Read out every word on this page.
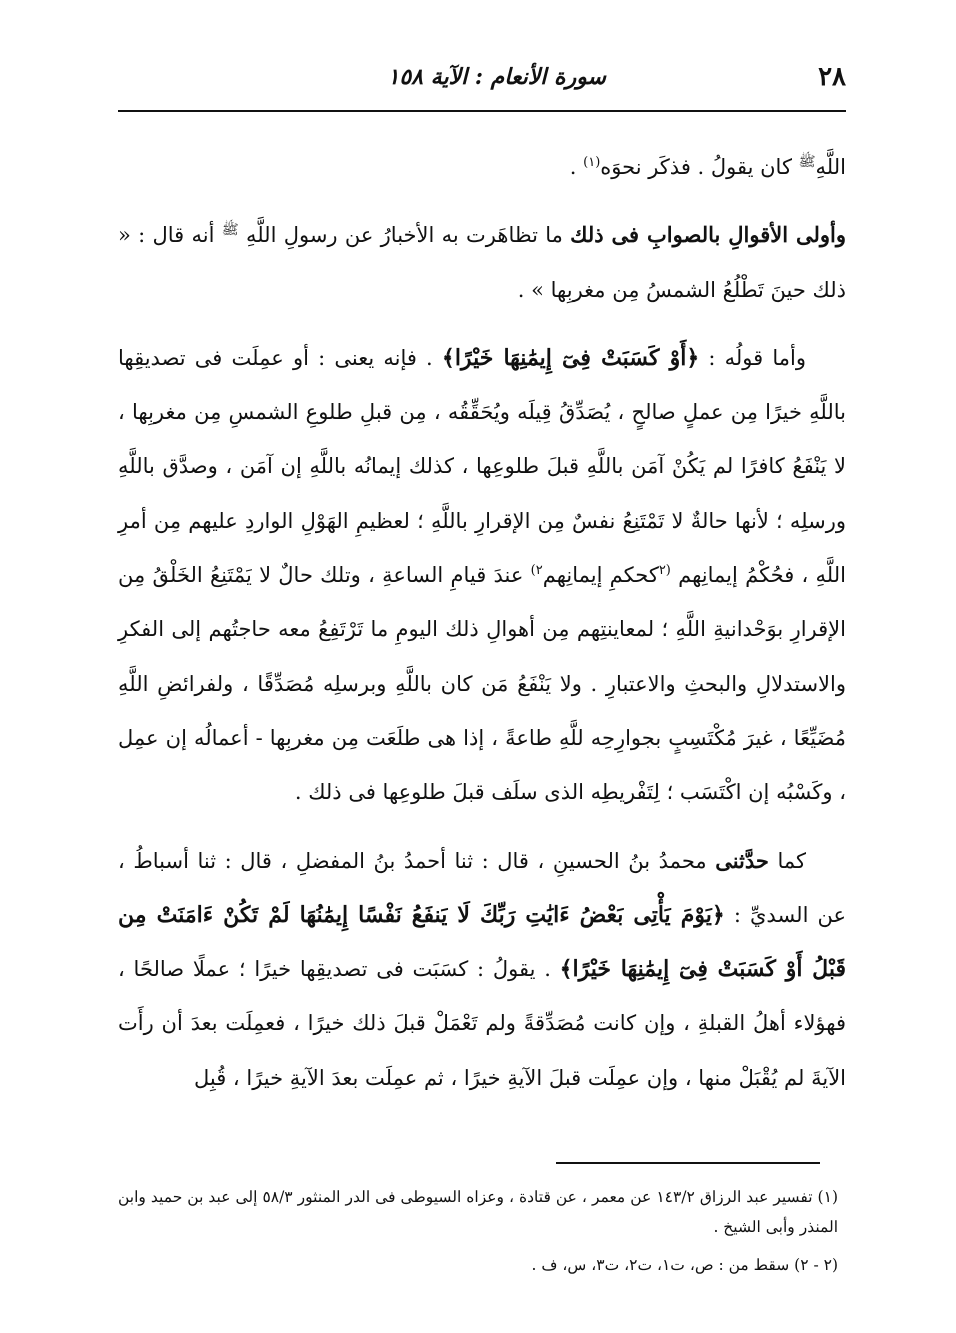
٢٨
سورة الأنعام : الآية ١٥٨

اللَّهِ$^ﷺ$ كان يقولُ . فذكَر نحوَه$^{(١)}$ .

وأولى الأقوالِ بالصوابِ فى ذلك ما تظاهَرت به الأخبارُ عن رسولِ اللَّهِ $^ﷺ$ أنه قال : « ذلك حينَ تَطْلُعُ الشمسُ مِن مغربِها » .

وأما قولُه : ﴿أَوْ كَسَبَتْ فِىٓ إِيمَٰنِهَا خَيْرًا﴾ . فإنه يعنى : أو عمِلَت فى تصديقِها باللَّهِ خيرًا مِن عملٍ صالحٍ ، يُصَدِّقُ قِيلَه ويُحَقِّقُه ، مِن قبلِ طلوعِ الشمسِ مِن مغربِها ، لا يَنْفَعُ كافرًا لم يَكُنْ آمَن باللَّهِ قبلَ طلوعِها ، كذلك إيمانُه باللَّهِ إن آمَن ، وصدَّق باللَّهِ ورسلِه ؛ لأنها حالةٌ لا تَمْتَنِعُ نفسٌ مِن الإقرارِ باللَّهِ ؛ لعظيمِ الهَوْلِ الواردِ عليهم مِن أمرِ اللَّهِ ، فحُكْمُ إيمانِهم $^{(٢}$كحكمِ إيمانِهم$^{٢)}$ عندَ قيامِ الساعةِ ، وتلك حالٌ لا يَمْتَنِعُ الخَلْقُ مِن الإقرارِ بوَحْدانيةِ اللَّهِ ؛ لمعاينتِهم مِن أهوالِ ذلك اليومِ ما تَرْتَفِعُ معه حاجتُهم إلى الفكرِ والاستدلالِ والبحثِ والاعتبارِ . ولا يَنْفَعُ مَن كان باللَّهِ وبرسلِه مُصَدِّقًا ، ولفرائضِ اللَّهِ مُضَيِّعًا ، غيرَ مُكْتَسِبٍ بجوارِحِه للَّهِ طاعةً ، إذا هى طلَعَت مِن مغربِها - أعمالُه إن عمِل ، وكَسْبُه إن اكْتَسَب ؛ لِتَفْريطِه الذى سلَف قبلَ طلوعِها فى ذلك .

كما حدَّثنى محمدُ بنُ الحسينِ ، قال : ثنا أحمدُ بنُ المفضلِ ، قال : ثنا أسباطُ ، عن السديِّ : ﴿يَوْمَ يَأْتِى بَعْضُ ءَايَٰتِ رَبِّكَ لَا يَنفَعُ نَفْسًا إِيمَٰنُهَا لَمْ تَكُنْ ءَامَنَتْ مِن قَبْلُ أَوْ كَسَبَتْ فِىٓ إِيمَٰنِهَا خَيْرًا﴾ . يقولُ : كسَبَت فى تصديقِها خيرًا ؛ عملًا صالحًا ، فهؤلاء أهلُ القبلةِ ، وإن كانت مُصَدِّقةً ولم تَعْمَلْ قبلَ ذلك خيرًا ، فعمِلَت بعدَ أن رأَت الآيةَ لم يُقْبَلْ منها ، وإن عمِلَت قبلَ الآيةِ خيرًا ، ثم عمِلَت بعدَ الآيةِ خيرًا ، قُبِل

(١) تفسير عبد الرزاق ١٤٣/٢ عن معمر ، عن قتادة ، وعزاه السيوطى فى الدر المنثور ٥٨/٣ إلى عبد بن حميد وابن المنذر وأبى الشيخ .

(٢ - ٢) سقط من : ص، ت١، ت٢، ت٣، س، ف .
